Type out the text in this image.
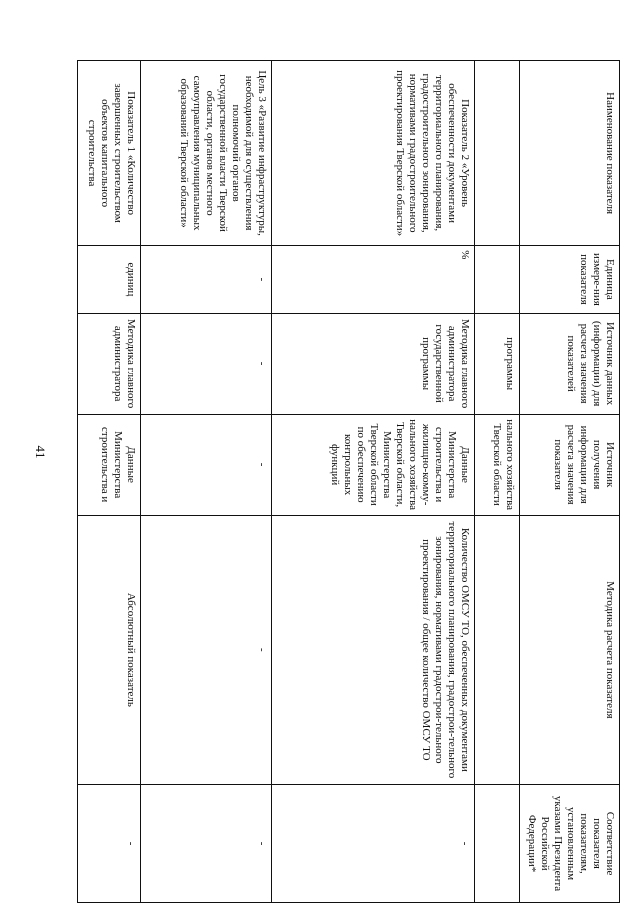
41
Наименование показателя	Единица измере-ния показателя	Источник данных (информации) для расчета значения показателей	Источник получения информации для расчета значения показателя	Методика расчета показателя	Соответствие показателя показателям, установленным указами Президента Российской Федерации*
		программы	нального хозяйства Тверской области		
Показатель 2 «Уровень обеспеченности документами территориального планирования, градостроительного зонирования, нормативами градостроительного проектирования Тверской области»	%	Методика главного администратора государственной программы	Данные Министерства строительства и жилищно-комму-нального хозяйства Тверской области, Министерства Тверской области по обеспечению контрольных функций	Количество ОМСУ ТО, обеспеченных документами территориального планирования, градострои-тельного зонирования, нормативами градострои-тельного проектирования / общее количество ОМСУ ТО	-
Цель 3 «Развитие инфраструктуры, необходимой для осуществления полномочий органов государственной власти Тверской области, органов местного самоуправления муниципальных образований Тверской области»	-	-	-	-	-
Показатель 1 «Количество завершенных строительством объектов капитального строительства	единиц	Методика главного администратора	Данные Министерства строительства и	Абсолютный показатель	-
